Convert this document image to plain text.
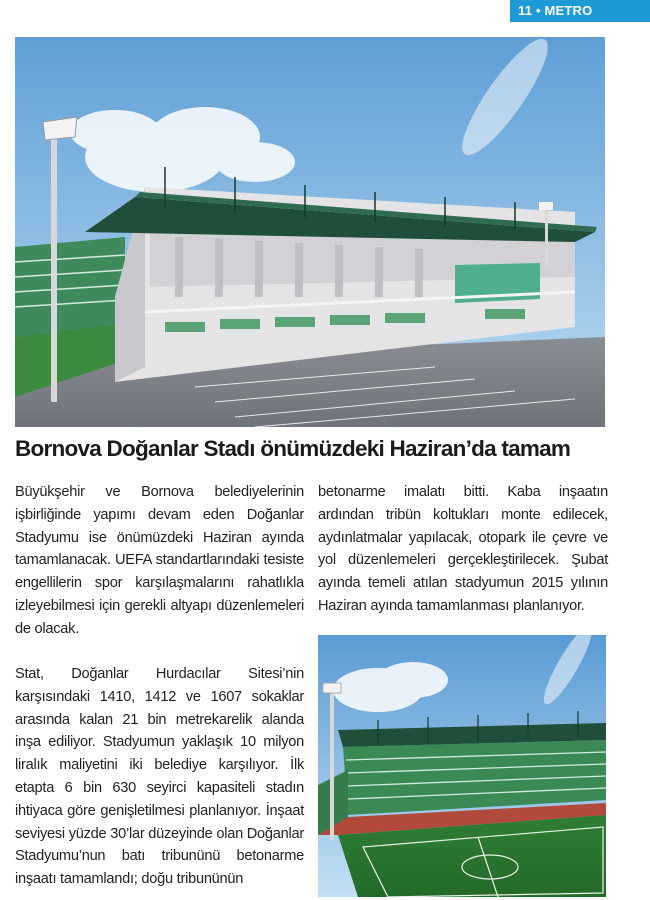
11 • METRO
Bornova Doğanlar Stadı önümüzdeki Haziran’da tamam

Büyükşehir ve Bornova belediyelerinin işbirliğinde yapımı devam eden Doğanlar Stadyumu ise önümüzdeki Haziran ayında tamamlanacak. UEFA standartlarındaki tesiste engellilerin spor karşılaşmalarını rahatlıkla izleyebilmesi için gerekli altyapı düzenlemeleri de olacak.

Stat, Doğanlar Hurdacılar Sitesi’nin karşısındaki 1410, 1412 ve 1607 sokaklar arasında kalan 21 bin metrekarelik alanda inşa ediliyor. Stadyumun yaklaşık 10 milyon liralık maliyetini iki belediye karşılıyor. İlk etapta 6 bin 630 seyirci kapasiteli stadın ihtiyaca göre genişletilmesi planlanıyor. İnşaat seviyesi yüzde 30’lar düzeyinde olan Doğanlar Stadyumu’nun batı tribunünü betonarme inşaatı tamamlandı; doğu tribunünün

betonarme imalatı bitti. Kaba inşaatın ardından tribün koltukları monte edilecek, aydınlatmalar yapılacak, otopark ile çevre ve yol düzenlemeleri gerçekleştirilecek. Şubat ayında temeli atılan stadyumun 2015 yılının Haziran ayında tamamlanması planlanıyor.
